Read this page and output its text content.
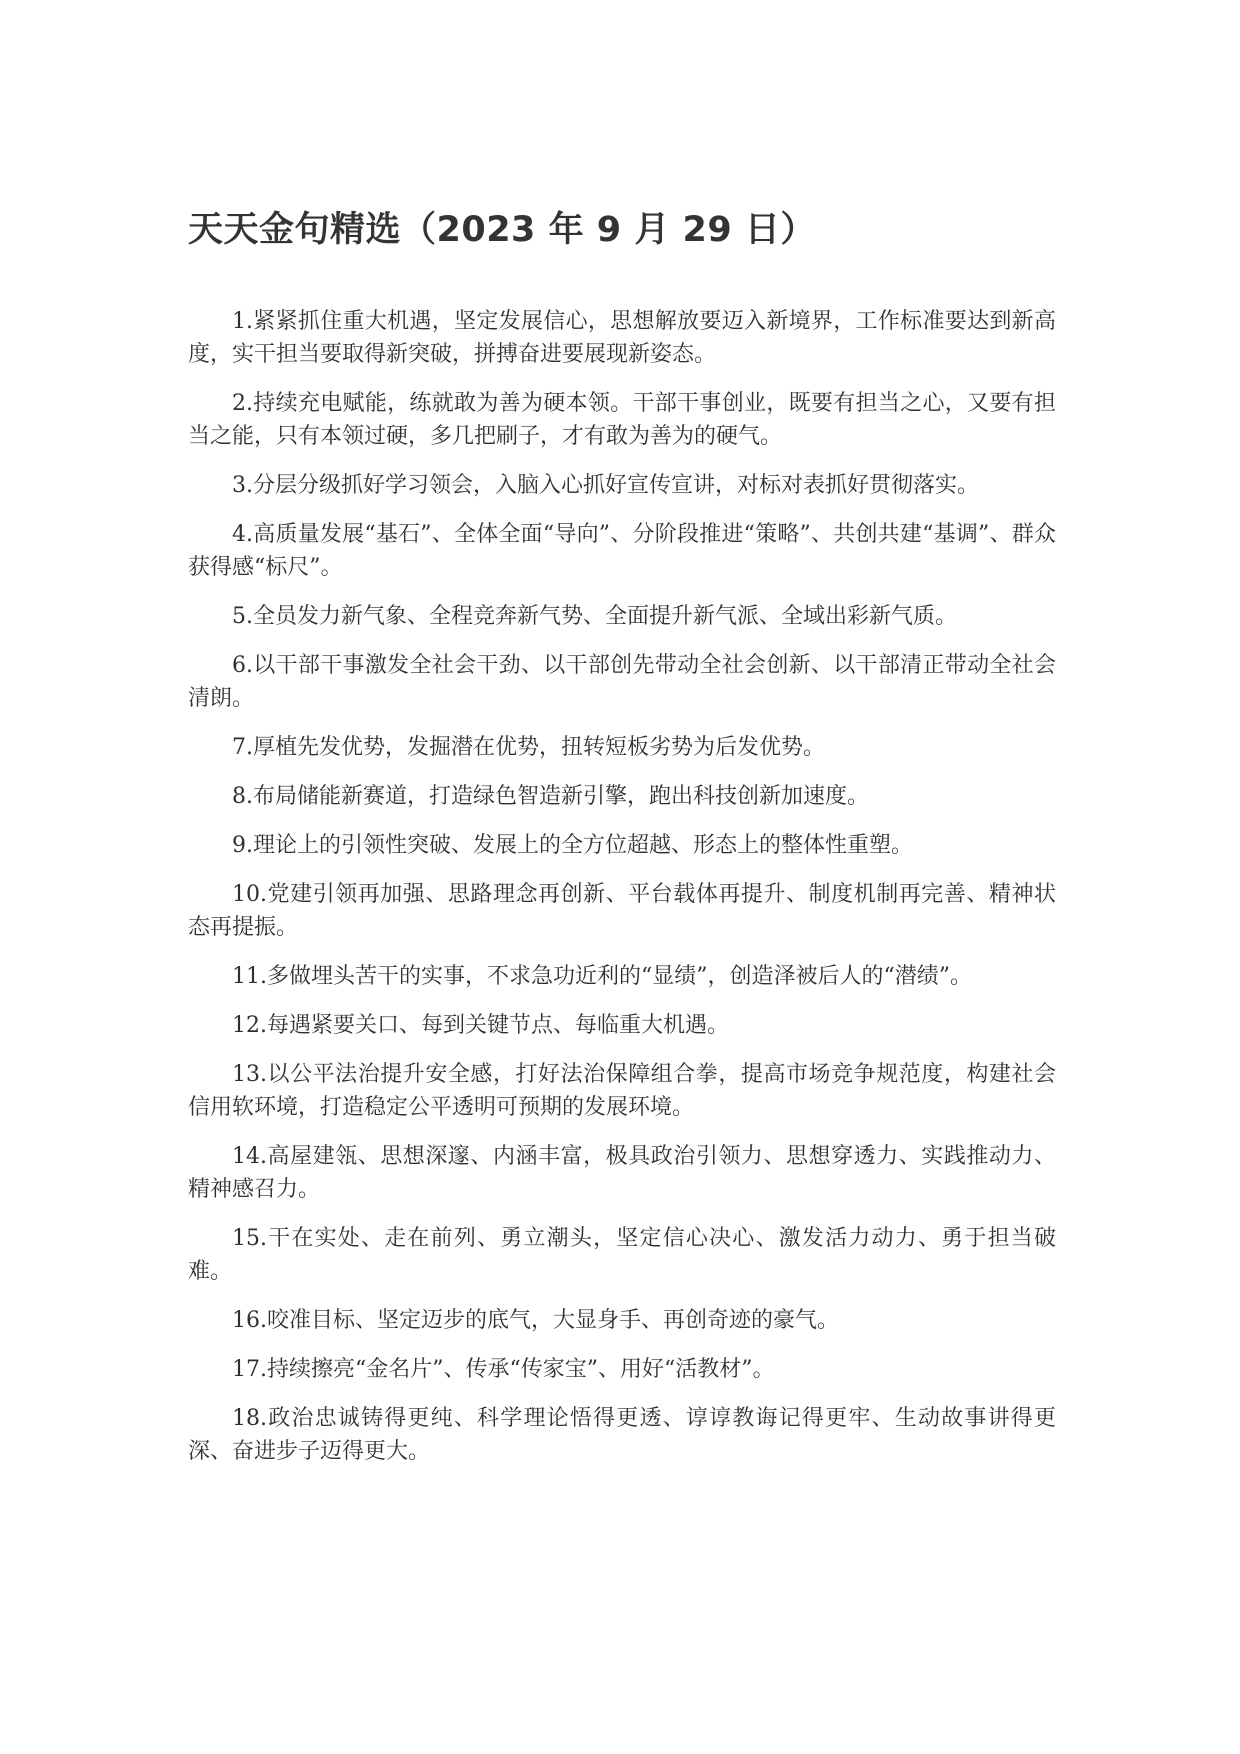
天天金句精选（2023 年 9 月 29 日）

1.紧紧抓住重大机遇，坚定发展信心，思想解放要迈入新境界，工作标准要达到新高度，实干担当要取得新突破，拼搏奋进要展现新姿态。

2.持续充电赋能，练就敢为善为硬本领。干部干事创业，既要有担当之心，又要有担当之能，只有本领过硬，多几把刷子，才有敢为善为的硬气。

3.分层分级抓好学习领会，入脑入心抓好宣传宣讲，对标对表抓好贯彻落实。

4.高质量发展“基石”、全体全面“导向”、分阶段推进“策略”、共创共建“基调”、群众获得感“标尺”。

5.全员发力新气象、全程竞奔新气势、全面提升新气派、全域出彩新气质。

6.以干部干事激发全社会干劲、以干部创先带动全社会创新、以干部清正带动全社会清朗。

7.厚植先发优势，发掘潜在优势，扭转短板劣势为后发优势。

8.布局储能新赛道，打造绿色智造新引擎，跑出科技创新加速度。

9.理论上的引领性突破、发展上的全方位超越、形态上的整体性重塑。

10.党建引领再加强、思路理念再创新、平台载体再提升、制度机制再完善、精神状态再提振。

11.多做埋头苦干的实事，不求急功近利的“显绩”，创造泽被后人的“潜绩”。

12.每遇紧要关口、每到关键节点、每临重大机遇。

13.以公平法治提升安全感，打好法治保障组合拳，提高市场竞争规范度，构建社会信用软环境，打造稳定公平透明可预期的发展环境。

14.高屋建瓴、思想深邃、内涵丰富，极具政治引领力、思想穿透力、实践推动力、精神感召力。

15.干在实处、走在前列、勇立潮头，坚定信心决心、激发活力动力、勇于担当破难。

16.咬准目标、坚定迈步的底气，大显身手、再创奇迹的豪气。

17.持续擦亮“金名片”、传承“传家宝”、用好“活教材”。

18.政治忠诚铸得更纯、科学理论悟得更透、谆谆教诲记得更牢、生动故事讲得更深、奋进步子迈得更大。
